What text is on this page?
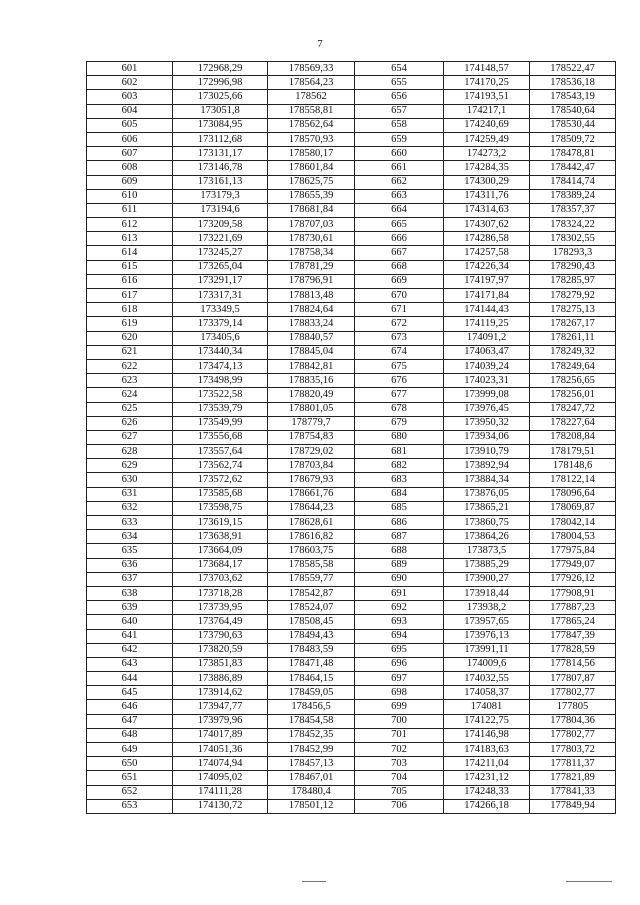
7
601	172968,29	178569,33	654	174148,57	178522,47
602	172996,98	178564,23	655	174170,25	178536,18
603	173025,66	178562	656	174193,51	178543,19
604	173051,8	178558,81	657	174217,1	178540,64
605	173084,95	178562,64	658	174240,69	178530,44
606	173112,68	178570,93	659	174259,49	178509,72
607	173131,17	178580,17	660	174273,2	178478,81
608	173146,78	178601,84	661	174284,35	178442,47
609	173161,13	178625,75	662	174300,29	178414,74
610	173179,3	178655,39	663	174311,76	178389,24
611	173194,6	178681,84	664	174314,63	178357,37
612	173209,58	178707,03	665	174307,62	178324,22
613	173221,69	178730,61	666	174286,58	178302,55
614	173245,27	178758,34	667	174257,58	178293,3
615	173265,04	178781,29	668	174226,34	178290,43
616	173291,17	178796,91	669	174197,97	178285,97
617	173317,31	178813,48	670	174171,84	178279,92
618	173349,5	178824,64	671	174144,43	178275,13
619	173379,14	178833,24	672	174119,25	178267,17
620	173405,6	178840,57	673	174091,2	178261,11
621	173440,34	178845,04	674	174063,47	178249,32
622	173474,13	178842,81	675	174039,24	178249,64
623	173498,99	178835,16	676	174023,31	178256,65
624	173522,58	178820,49	677	173999,08	178256,01
625	173539,79	178801,05	678	173976,45	178247,72
626	173549,99	178779,7	679	173950,32	178227,64
627	173556,68	178754,83	680	173934,06	178208,84
628	173557,64	178729,02	681	173910,79	178179,51
629	173562,74	178703,84	682	173892,94	178148,6
630	173572,62	178679,93	683	173884,34	178122,14
631	173585,68	178661,76	684	173876,05	178096,64
632	173598,75	178644,23	685	173865,21	178069,87
633	173619,15	178628,61	686	173860,75	178042,14
634	173638,91	178616,82	687	173864,26	178004,53
635	173664,09	178603,75	688	173873,5	177975,84
636	173684,17	178585,58	689	173885,29	177949,07
637	173703,62	178559,77	690	173900,27	177926,12
638	173718,28	178542,87	691	173918,44	177908,91
639	173739,95	178524,07	692	173938,2	177887,23
640	173764,49	178508,45	693	173957,65	177865,24
641	173790,63	178494,43	694	173976,13	177847,39
642	173820,59	178483,59	695	173991,11	177828,59
643	173851,83	178471,48	696	174009,6	177814,56
644	173886,89	178464,15	697	174032,55	177807,87
645	173914,62	178459,05	698	174058,37	177802,77
646	173947,77	178456,5	699	174081	177805
647	173979,96	178454,58	700	174122,75	177804,36
648	174017,89	178452,35	701	174146,98	177802,77
649	174051,36	178452,99	702	174183,63	177803,72
650	174074,94	178457,13	703	174211,04	177811,37
651	174095,02	178467,01	704	174231,12	177821,89
652	174111,28	178480,4	705	174248,33	177841,33
653	174130,72	178501,12	706	174266,18	177849,94
